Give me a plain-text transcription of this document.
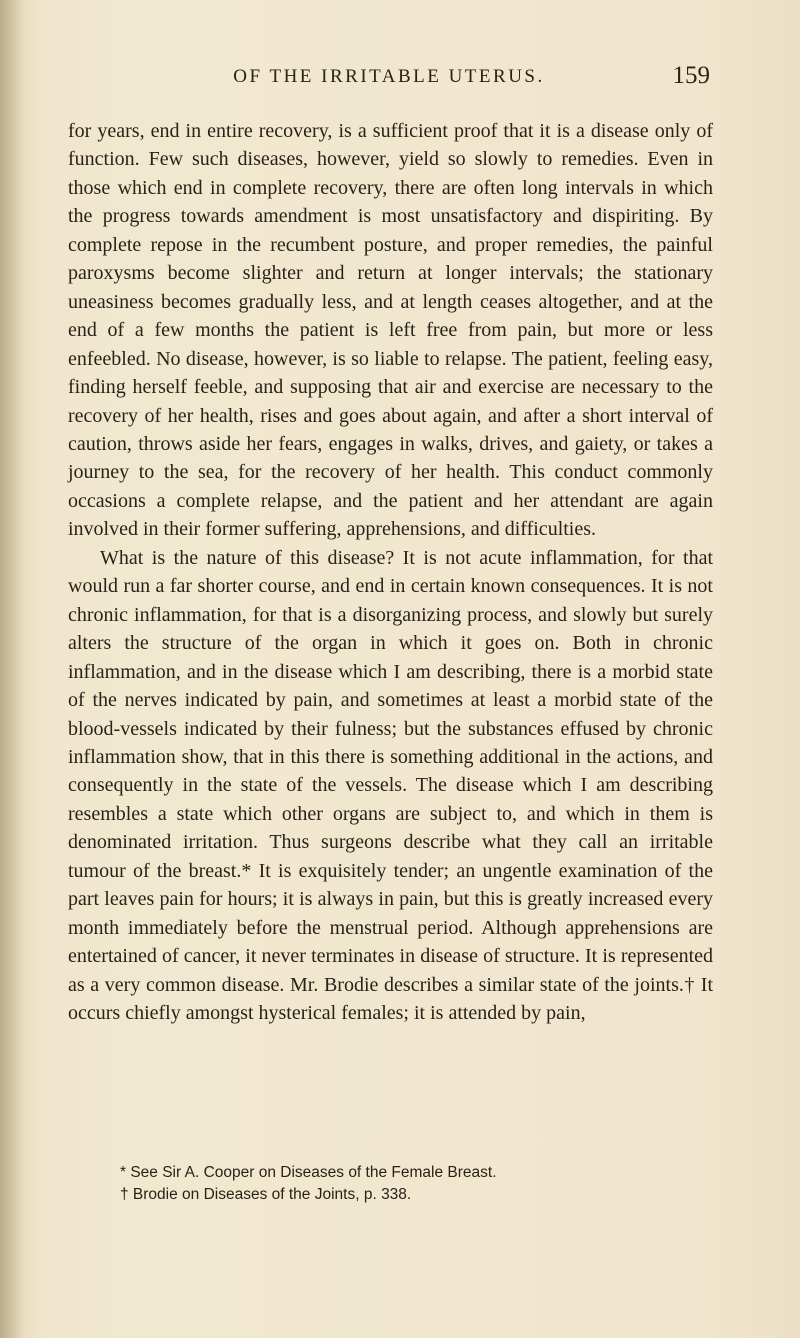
OF THE IRRITABLE UTERUS.	159

for years, end in entire recovery, is a sufficient proof that it is a disease only of function. Few such diseases, however, yield so slowly to remedies. Even in those which end in complete recovery, there are often long intervals in which the progress towards amendment is most unsatisfactory and dispiriting. By complete repose in the recumbent posture, and proper remedies, the painful paroxysms become slighter and return at longer intervals; the stationary uneasiness becomes gradually less, and at length ceases altogether, and at the end of a few months the patient is left free from pain, but more or less enfeebled. No disease, however, is so liable to relapse. The patient, feeling easy, finding herself feeble, and supposing that air and exercise are necessary to the recovery of her health, rises and goes about again, and after a short interval of caution, throws aside her fears, engages in walks, drives, and gaiety, or takes a journey to the sea, for the recovery of her health. This conduct commonly occasions a complete relapse, and the patient and her attendant are again involved in their former suffering, apprehensions, and difficulties.

What is the nature of this disease? It is not acute inflammation, for that would run a far shorter course, and end in certain known consequences. It is not chronic inflammation, for that is a disorganizing process, and slowly but surely alters the structure of the organ in which it goes on. Both in chronic inflammation, and in the disease which I am describing, there is a morbid state of the nerves indicated by pain, and sometimes at least a morbid state of the blood-vessels indicated by their fulness; but the substances effused by chronic inflammation show, that in this there is something additional in the actions, and consequently in the state of the vessels. The disease which I am describing resembles a state which other organs are subject to, and which in them is denominated irritation. Thus surgeons describe what they call an irritable tumour of the breast.* It is exquisitely tender; an ungentle examination of the part leaves pain for hours; it is always in pain, but this is greatly increased every month immediately before the menstrual period. Although apprehensions are entertained of cancer, it never terminates in disease of structure. It is represented as a very common disease. Mr. Brodie describes a similar state of the joints.† It occurs chiefly amongst hysterical females; it is attended by pain,

* See Sir A. Cooper on Diseases of the Female Breast.
† Brodie on Diseases of the Joints, p. 338.
